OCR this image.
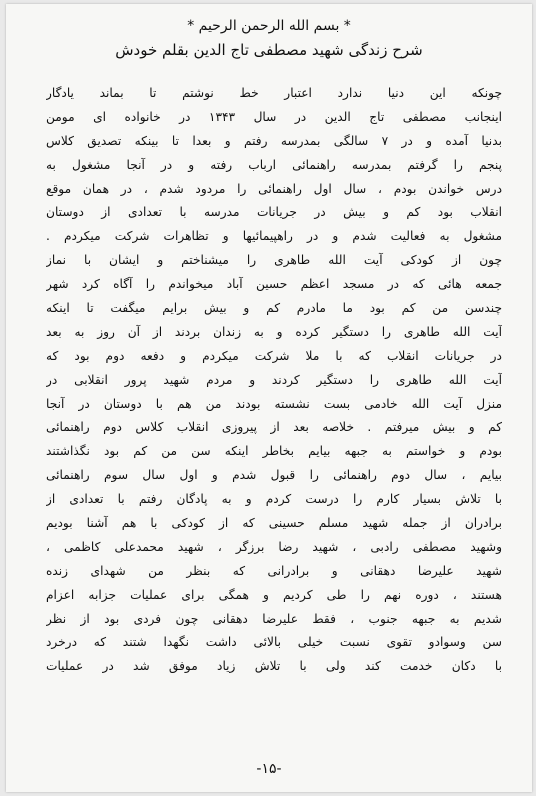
* بسم الله الرحمن الرحيم *
شرح زندگی شهید مصطفی تاج الدین بقلم خودش
چونکه این دنیا ندارد اعتبار خط نوشتم تا بماند یادگار
اینجانب مصطفی تاج الدین در سال ۱۳۴۳ در خانواده ای مومن
بدنیا آمده و در ۷ سالگی بمدرسه رفتم و بعدا تا بینکه تصدیق کلاس
پنجم را گرفتم بمدرسه راهنمائی ارباب رفته و در آنجا مشغول به
درس خواندن بودم ، سال اول راهنمائی را مردود شدم ، در همان موقع
انقلاب بود کم و بیش در جریانات مدرسه با تعدادی از دوستان
مشغول به فعالیت شدم و در راهپیمائیها و تظاهرات شرکت میکردم .
چون از کودکی آیت الله طاهری را میشناختم و ایشان با نماز
جمعه هائی که در مسجد اعظم حسین آباد میخواندم را آگاه کرد شهر
چندسن من کم بود ما مادرم کم و بیش برایم میگفت تا اینکه
آیت الله طاهری را دستگیر کرده و به زندان بردند از آن روز به بعد
در جریانات انقلاب که با ملا شرکت میکردم و دفعه دوم بود که
آیت الله طاهری را دستگیر کردند و مردم شهید پرور انقلابی در
منزل آیت الله خادمی بست نشسته بودند من هم با دوستان در آنجا
کم و بیش میرفتم . خلاصه بعد از پیروزی انقلاب کلاس دوم راهنمائی
بودم و خواستم به جبهه بیایم بخاطر اینکه سن من کم بود نگذاشتند
بیایم ، سال دوم راهنمائی را قبول شدم و اول سال سوم راهنمائی
با تلاش بسیار کارم را درست کردم و به پادگان رفتم با تعدادی از
برادران از جمله شهید مسلم حسینی که از کودکی با هم آشنا بودیم
وشهید مصطفی رادبی ، شهید رضا برزگر ، شهید محمدعلی کاظمی ،
شهید علیرضا دهقانی و برادرانی که بنظر من شهدای زنده
هستند ، دوره نهم را طی کردیم و همگی برای عملیات جزابه اعزام
شدیم به جبهه جنوب ، فقط علیرضا دهقانی چون فردی بود از نظر
سن وسوادو تقوی نسبت خیلی بالائی داشت نگهدا شتند که درخرد
با دکان خدمت کند ولی با تلاش زیاد موفق شد در عملیات
-۱۵-
